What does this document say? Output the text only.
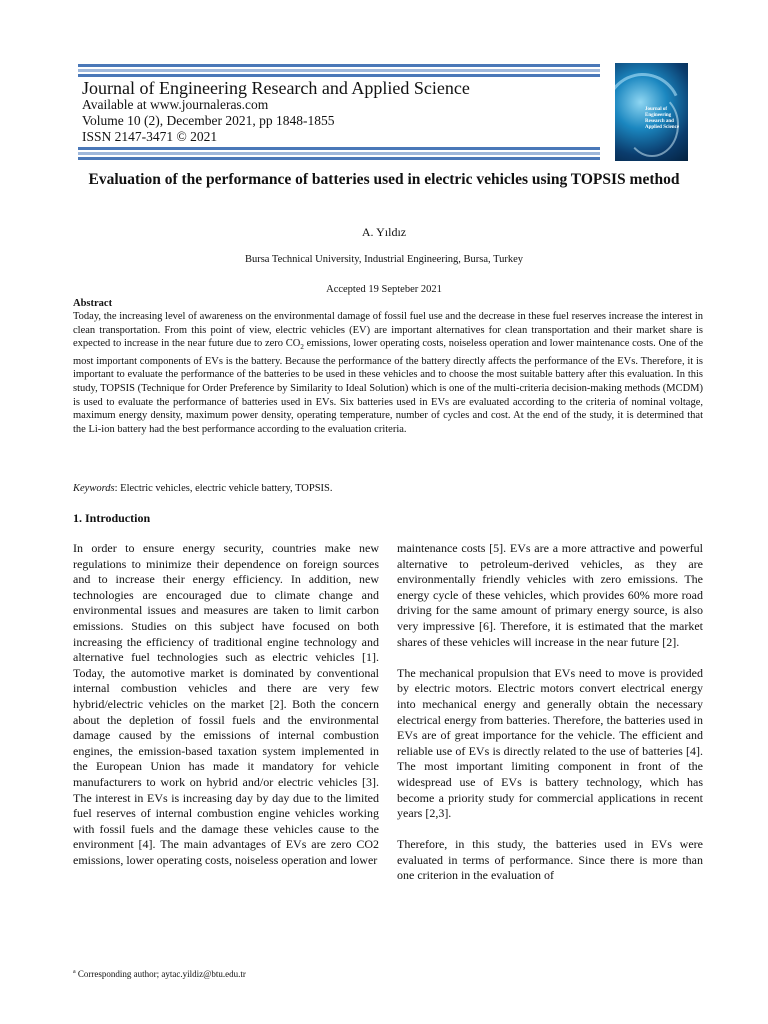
Journal of Engineering Research and Applied Science
Available at www.journaleras.com
Volume 10 (2), December 2021, pp 1848-1855
ISSN 2147-3471 © 2021
Journal of Engineering Research and Applied Science
Evaluation of the performance of batteries used in electric vehicles using TOPSIS method
A. Yıldız
Bursa Technical University, Industrial Engineering, Bursa, Turkey
Accepted 19 Septeber 2021
Abstract
Today, the increasing level of awareness on the environmental damage of fossil fuel use and the decrease in these fuel reserves increase the interest in clean transportation. From this point of view, electric vehicles (EV) are important alternatives for clean transportation and their market share is expected to increase in the near future due to zero $CO_2$ emissions, lower operating costs, noiseless operation and lower maintenance costs. One of the most important components of EVs is the battery. Because the performance of the battery directly affects the performance of the EVs. Therefore, it is important to evaluate the performance of the batteries to be used in these vehicles and to choose the most suitable battery after this evaluation. In this study, TOPSIS (Technique for Order Preference by Similarity to Ideal Solution) which is one of the multi-criteria decision-making methods (MCDM) is used to evaluate the performance of batteries used in EVs. Six batteries used in EVs are evaluated according to the criteria of nominal voltage, maximum energy density, maximum power density, operating temperature, number of cycles and cost. At the end of the study, it is determined that the Li-ion battery had the best performance according to the evaluation criteria.
Keywords: Electric vehicles, electric vehicle battery, TOPSIS.
1. Introduction

In order to ensure energy security, countries make new regulations to minimize their dependence on foreign sources and to increase their energy efficiency. In addition, new technologies are encouraged due to climate change and environmental issues and measures are taken to limit carbon emissions. Studies on this subject have focused on both increasing the efficiency of traditional engine technology and alternative fuel technologies such as electric vehicles [1]. Today, the automotive market is dominated by conventional internal combustion vehicles and there are very few hybrid/electric vehicles on the market [2]. Both the concern about the depletion of fossil fuels and the environmental damage caused by the emissions of internal combustion engines, the emission-based taxation system implemented in the European Union has made it mandatory for vehicle manufacturers to work on hybrid and/or electric vehicles [3]. The interest in EVs is increasing day by day due to the limited fuel reserves of internal combustion engine vehicles working with fossil fuels and the damage these vehicles cause to the environment [4]. The main advantages of EVs are zero CO2 emissions, lower operating costs, noiseless operation and lower

maintenance costs [5]. EVs are a more attractive and powerful alternative to petroleum-derived vehicles, as they are environmentally friendly vehicles with zero emissions. The energy cycle of these vehicles, which provides 60% more road driving for the same amount of primary energy source, is also very impressive [6]. Therefore, it is estimated that the market shares of these vehicles will increase in the near future [2].

The mechanical propulsion that EVs need to move is provided by electric motors. Electric motors convert electrical energy into mechanical energy and generally obtain the necessary electrical energy from batteries. Therefore, the batteries used in EVs are of great importance for the vehicle. The efficient and reliable use of EVs is directly related to the use of batteries [4]. The most important limiting component in front of the widespread use of EVs is battery technology, which has become a priority study for commercial applications in recent years [2,3].

Therefore, in this study, the batteries used in EVs were evaluated in terms of performance. Since there is more than one criterion in the evaluation of

$^a$ Corresponding author; aytac.yildiz@btu.edu.tr
